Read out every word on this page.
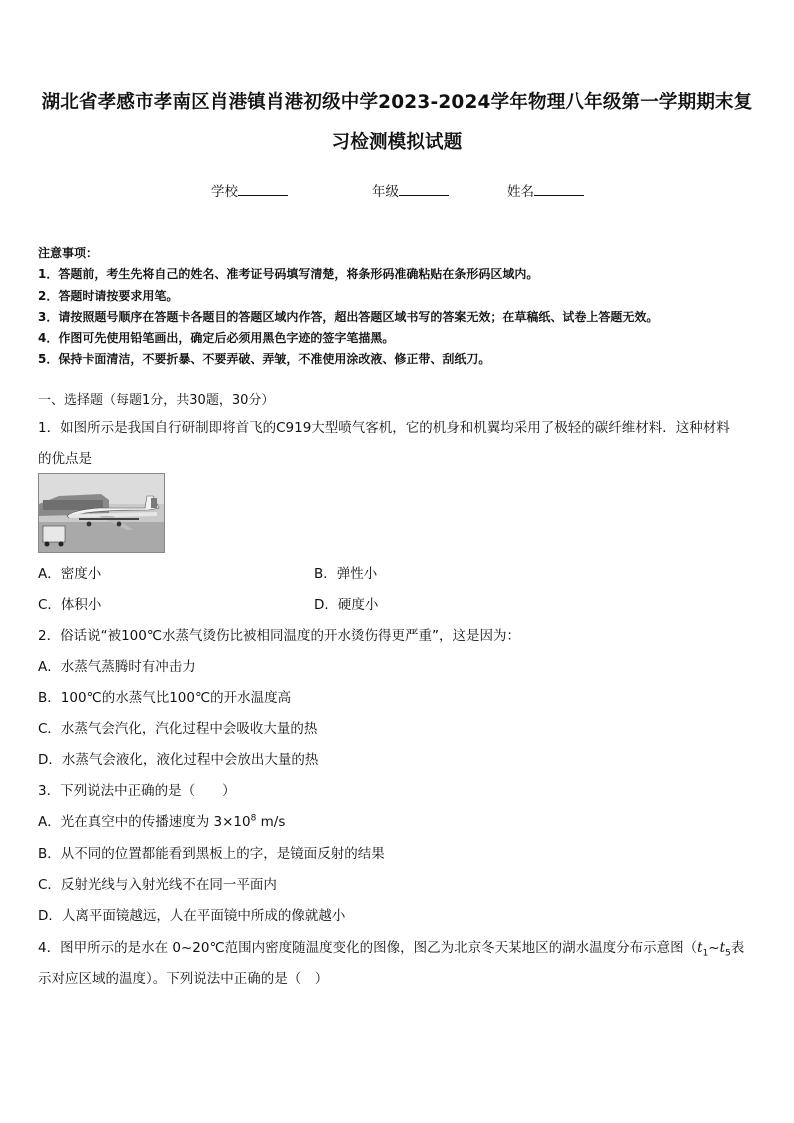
湖北省孝感市孝南区肖港镇肖港初级中学2023-2024学年物理八年级第一学期期末复
习检测模拟试题
学校	年级	姓名
注意事项：
1．答题前，考生先将自己的姓名、准考证号码填写清楚，将条形码准确粘贴在条形码区域内。
2．答题时请按要求用笔。
3．请按照题号顺序在答题卡各题目的答题区域内作答，超出答题区域书写的答案无效；在草稿纸、试卷上答题无效。
4．作图可先使用铅笔画出，确定后必须用黑色字迹的签字笔描黑。
5．保持卡面清洁，不要折暴、不要弄破、弄皱，不准使用涂改液、修正带、刮纸刀。
一、选择题（每题1分，共30题，30分）
1．如图所示是我国自行研制即将首飞的C919大型喷气客机，它的机身和机翼均采用了极轻的碳纤维材料．这种材料
的优点是
A．密度小	B．弹性小
C．体积小	D．硬度小
2．俗话说“被100℃水蒸气烫伤比被相同温度的开水烫伤得更严重”，这是因为：
A．水蒸气蒸腾时有冲击力
B．100℃的水蒸气比100℃的开水温度高
C．水蒸气会汽化，汽化过程中会吸收大量的热
D．水蒸气会液化，液化过程中会放出大量的热
3．下列说法中正确的是（　　）
A．光在真空中的传播速度为 $3\times 10^8$ m/s
B．从不同的位置都能看到黑板上的字，是镜面反射的结果
C．反射光线与入射光线不在同一平面内
D．人离平面镜越远，人在平面镜中所成的像就越小
4．图甲所示的是水在 0~20℃范围内密度随温度变化的图像，图乙为北京冬天某地区的湖水温度分布示意图（$t_1\sim t_5$表
示对应区域的温度）。下列说法中正确的是（　）
